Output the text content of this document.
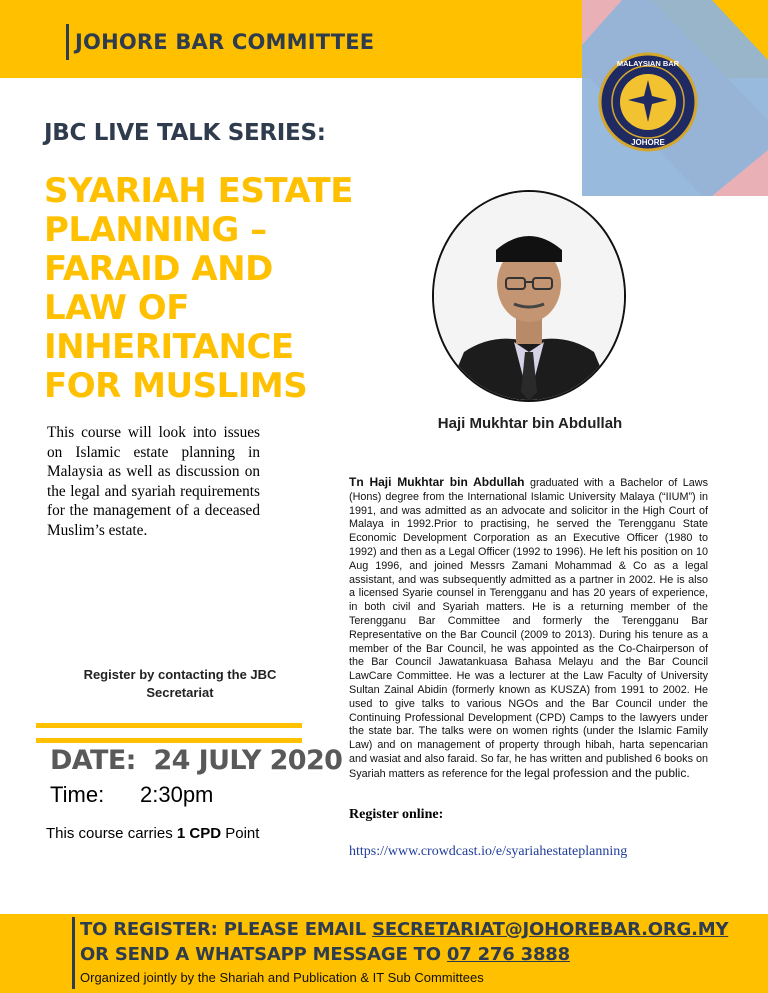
JOHORE BAR COMMITTEE
MALAYSIAN BAR
JOHORE
JBC LIVE TALK SERIES:
SYARIAH ESTATE
PLANNING –
FARAID AND
LAW OF
INHERITANCE
FOR MUSLIMS
This course will look into issues on Islamic estate planning in Malaysia as well as discussion on the legal and syariah requirements for the management of a deceased Muslim’s estate.
Haji Mukhtar bin Abdullah
Tn Haji Mukhtar bin Abdullah graduated with a Bachelor of Laws (Hons) degree from the International Islamic University Malaya (“IIUM”) in 1991, and was admitted as an advocate and solicitor in the High Court of Malaya in 1992.Prior to practising, he served the Terengganu State Economic Development Corporation as an Executive Officer (1980 to 1992) and then as a Legal Officer (1992 to 1996). He left his position on 10 Aug 1996, and joined Messrs Zamani Mohammad & Co as a legal assistant, and was subsequently admitted as a partner in 2002. He is also a licensed Syarie counsel in Terengganu and has 20 years of experience, in both civil and Syariah matters. He is a returning member of the Terengganu Bar Committee and formerly the Terengganu Bar Representative on the Bar Council (2009 to 2013). During his tenure as a member of the Bar Council, he was appointed as the Co-Chairperson of the Bar Council Jawatankuasa Bahasa Melayu and the Bar Council LawCare Committee. He was a lecturer at the Law Faculty of University Sultan Zainal Abidin (formerly known as KUSZA) from 1991 to 2002. He used to give talks to various NGOs and the Bar Council under the Continuing Professional Development (CPD) Camps to the lawyers under the state bar. The talks were on women rights (under the Islamic Family Law) and on management of property through hibah, harta sepencarian and wasiat and also faraid. So far, he has written and published 6 books on Syariah matters as reference for the legal profession and the public.
Register by contacting the JBC Secretariat
DATE: 24 JULY 2020
Time: 2:30pm
This course carries 1 CPD Point
Register online:
https://www.crowdcast.io/e/syariahestateplanning
TO REGISTER: PLEASE EMAIL SECRETARIAT@JOHOREBAR.ORG.MY
OR SEND A WHATSAPP MESSAGE TO 07 276 3888
Organized jointly by the Shariah and Publication & IT Sub Committees
